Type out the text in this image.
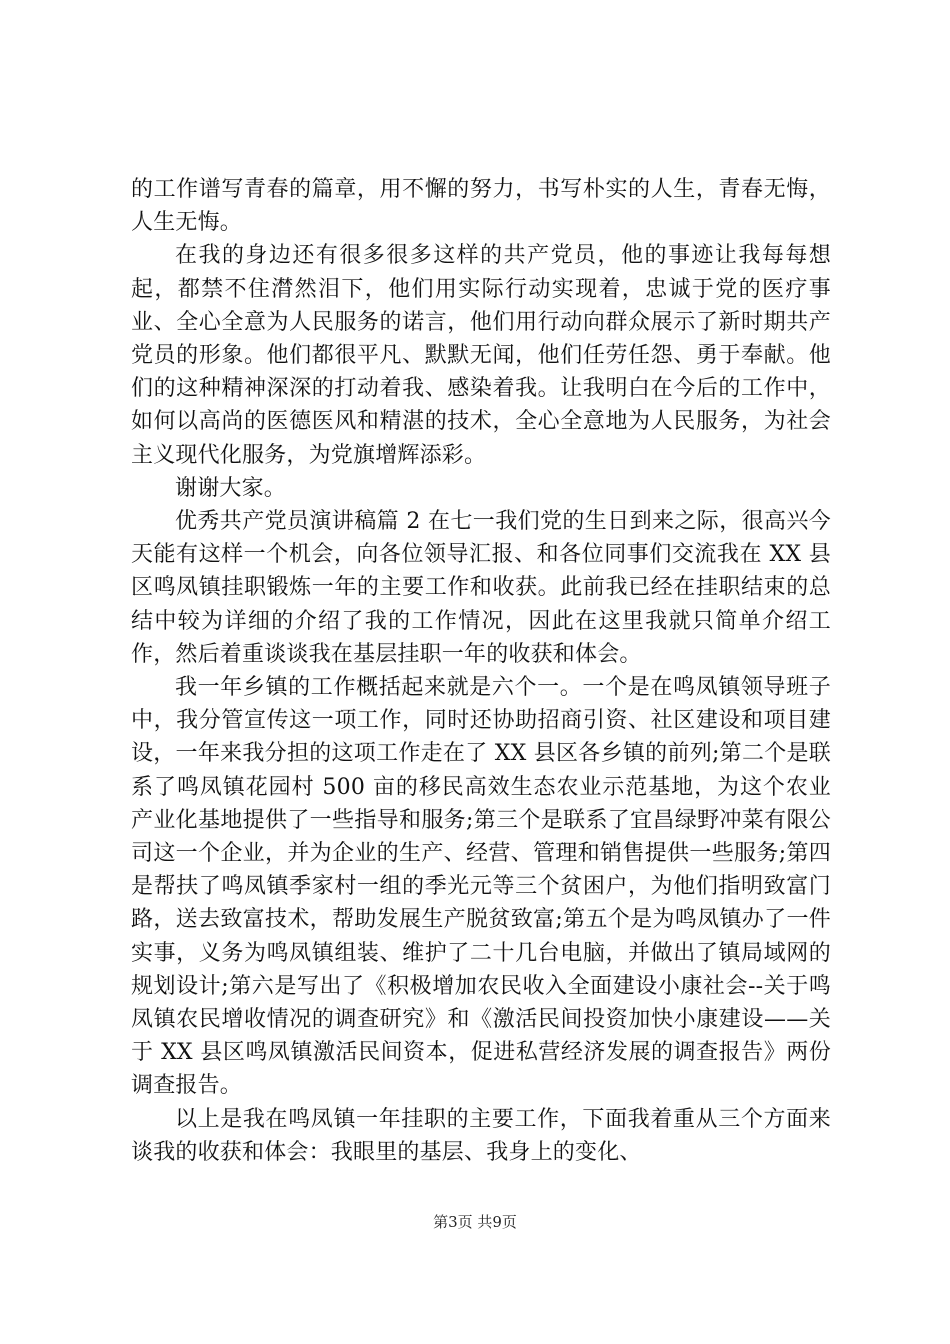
的工作谱写青春的篇章，用不懈的努力，书写朴实的人生，青春无悔，人生无悔。

在我的身边还有很多很多这样的共产党员，他的事迹让我每每想起，都禁不住潸然泪下，他们用实际行动实现着，忠诚于党的医疗事业、全心全意为人民服务的诺言，他们用行动向群众展示了新时期共产党员的形象。他们都很平凡、默默无闻，他们任劳任怨、勇于奉献。他们的这种精神深深的打动着我、感染着我。让我明白在今后的工作中，如何以高尚的医德医风和精湛的技术，全心全意地为人民服务，为社会主义现代化服务，为党旗增辉添彩。

谢谢大家。

优秀共产党员演讲稿篇 2 在七一我们党的生日到来之际，很高兴今天能有这样一个机会，向各位领导汇报、和各位同事们交流我在 XX 县区鸣凤镇挂职锻炼一年的主要工作和收获。此前我已经在挂职结束的总结中较为详细的介绍了我的工作情况，因此在这里我就只简单介绍工作，然后着重谈谈我在基层挂职一年的收获和体会。

我一年乡镇的工作概括起来就是六个一。一个是在鸣凤镇领导班子中，我分管宣传这一项工作，同时还协助招商引资、社区建设和项目建设，一年来我分担的这项工作走在了 XX 县区各乡镇的前列;第二个是联系了鸣凤镇花园村 500 亩的移民高效生态农业示范基地，为这个农业产业化基地提供了一些指导和服务;第三个是联系了宜昌绿野冲菜有限公司这一个企业，并为企业的生产、经营、管理和销售提供一些服务;第四是帮扶了鸣凤镇季家村一组的季光元等三个贫困户，为他们指明致富门路，送去致富技术，帮助发展生产脱贫致富;第五个是为鸣凤镇办了一件实事，义务为鸣凤镇组装、维护了二十几台电脑，并做出了镇局域网的规划设计;第六是写出了《积极增加农民收入全面建设小康社会--关于鸣凤镇农民增收情况的调查研究》和《激活民间投资加快小康建设——关于 XX 县区鸣凤镇激活民间资本，促进私营经济发展的调查报告》两份调查报告。

以上是我在鸣凤镇一年挂职的主要工作，下面我着重从三个方面来谈我的收获和体会：我眼里的基层、我身上的变化、

第3页 共9页
